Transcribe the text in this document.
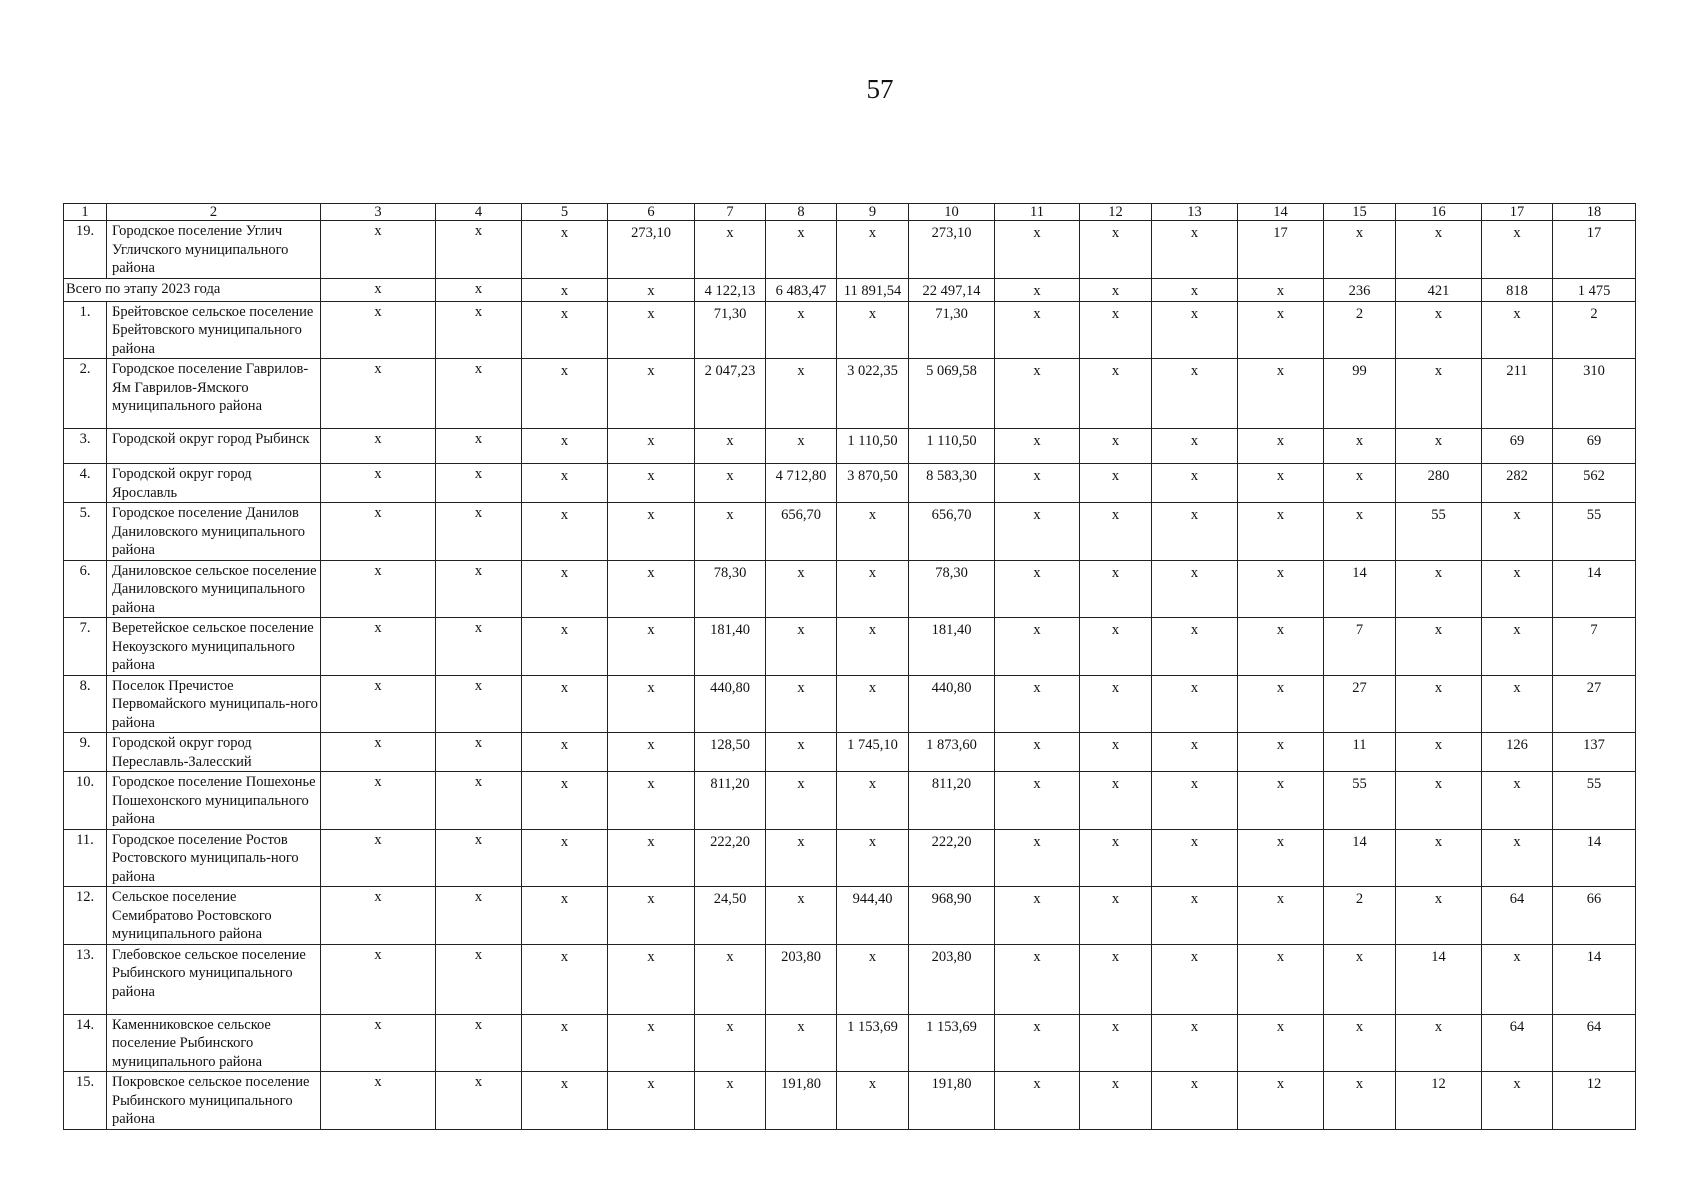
57
1	2	3	4	5	6	7	8	9	10	11	12	13	14	15	16	17	18
19.	Городское поселение Углич Угличского муниципального района	х	х	х	273,10	х	х	х	273,10	х	х	х	17	х	х	х	17
Всего по этапу 2023 года		х	х	х	х	4 122,13	6 483,47	11 891,54	22 497,14	х	х	х	х	236	421	818	1 475
1.	Брейтовское сельское поселение Брейтовского муниципального района	х	х	х	х	71,30	х	х	71,30	х	х	х	х	2	х	х	2
2.	Городское поселение Гаврилов-Ям Гаврилов-Ямского муниципального района	х	х	х	х	2 047,23	х	3 022,35	5 069,58	х	х	х	х	99	х	211	310
3.	Городской округ город Рыбинск	х	х	х	х	х	х	1 110,50	1 110,50	х	х	х	х	х	х	69	69
4.	Городской округ город Ярославль	х	х	х	х	х	4 712,80	3 870,50	8 583,30	х	х	х	х	х	280	282	562
5.	Городское поселение Данилов Даниловского муниципального района	х	х	х	х	х	656,70	х	656,70	х	х	х	х	х	55	х	55
6.	Даниловское сельское поселение Даниловского муниципального района	х	х	х	х	78,30	х	х	78,30	х	х	х	х	14	х	х	14
7.	Веретейское сельское поселение Некоузского муниципального района	х	х	х	х	181,40	х	х	181,40	х	х	х	х	7	х	х	7
8.	Поселок Пречистое Первомайского муниципаль-ного района	х	х	х	х	440,80	х	х	440,80	х	х	х	х	27	х	х	27
9.	Городской округ город Переславль-Залесский	х	х	х	х	128,50	х	1 745,10	1 873,60	х	х	х	х	11	х	126	137
10.	Городское поселение Пошехонье Пошехонского муниципального района	х	х	х	х	811,20	х	х	811,20	х	х	х	х	55	х	х	55
11.	Городское поселение Ростов Ростовского муниципаль-ного района	х	х	х	х	222,20	х	х	222,20	х	х	х	х	14	х	х	14
12.	Сельское поселение Семибратово Ростовского муниципального района	х	х	х	х	24,50	х	944,40	968,90	х	х	х	х	2	х	64	66
13.	Глебовское сельское поселение Рыбинского муниципального района	х	х	х	х	х	203,80	х	203,80	х	х	х	х	х	14	х	14
14.	Каменниковское сельское поселение Рыбинского муниципального района	х	х	х	х	х	х	1 153,69	1 153,69	х	х	х	х	х	х	64	64
15.	Покровское сельское поселение Рыбинского муниципального района	х	х	х	х	х	191,80	х	191,80	х	х	х	х	х	12	х	12
